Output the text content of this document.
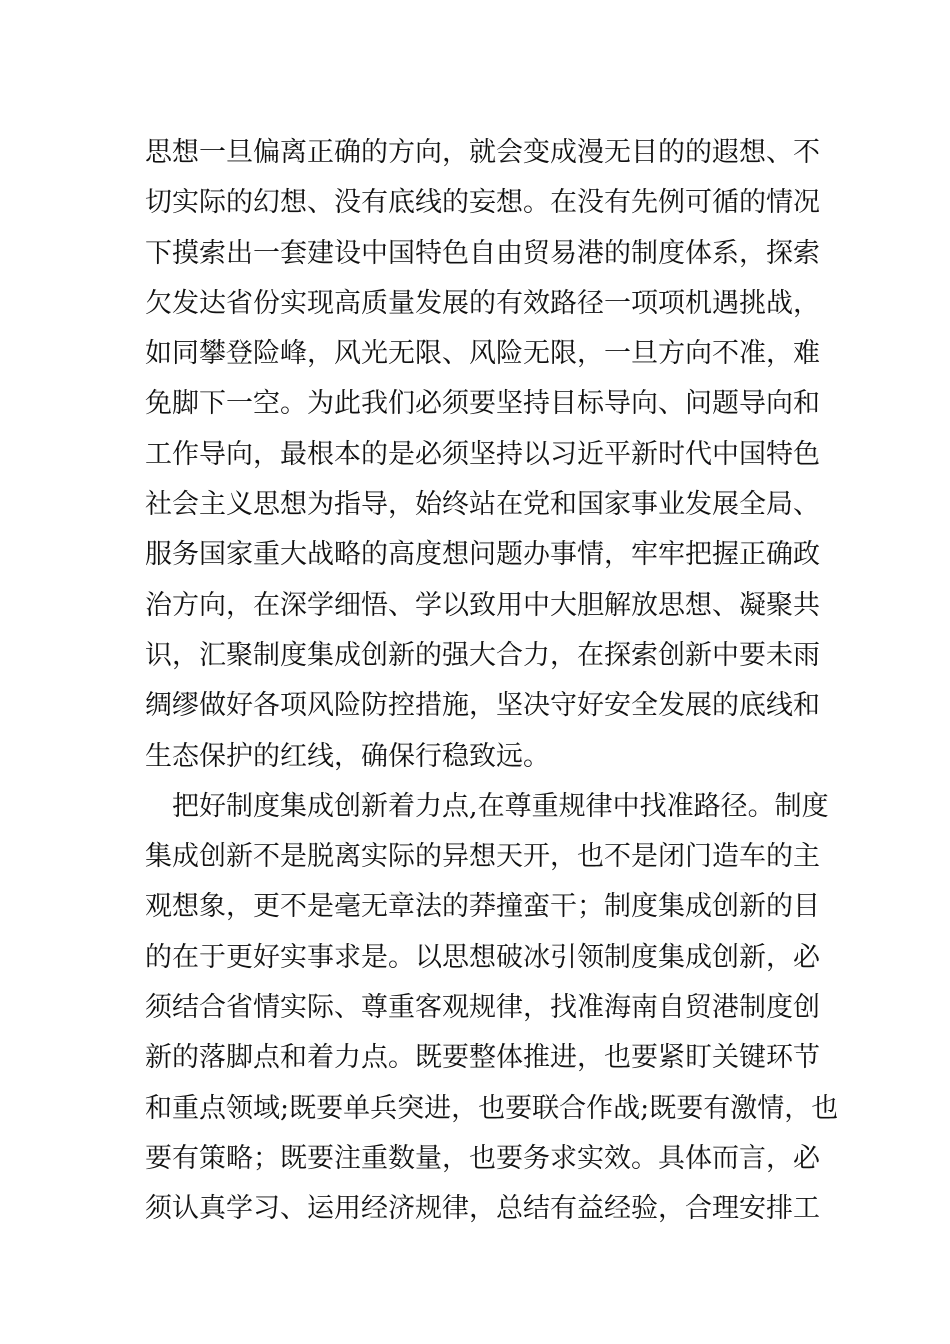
思想一旦偏离正确的方向，就会变成漫无目的的遐想、不
切实际的幻想、没有底线的妄想。在没有先例可循的情况
下摸索出一套建设中国特色自由贸易港的制度体系，探索
欠发达省份实现高质量发展的有效路径一项项机遇挑战，
如同攀登险峰，风光无限、风险无限，一旦方向不准，难
免脚下一空。为此我们必须要坚持目标导向、问题导向和
工作导向，最根本的是必须坚持以习近平新时代中国特色
社会主义思想为指导，始终站在党和国家事业发展全局、
服务国家重大战略的高度想问题办事情，牢牢把握正确政
治方向，在深学细悟、学以致用中大胆解放思想、凝聚共
识，汇聚制度集成创新的强大合力，在探索创新中要未雨
绸缪做好各项风险防控措施，坚决守好安全发展的底线和
生态保护的红线，确保行稳致远。
　把好制度集成创新着力点,在尊重规律中找准路径。制度
集成创新不是脱离实际的异想天开，也不是闭门造车的主
观想象，更不是毫无章法的莽撞蛮干；制度集成创新的目
的在于更好实事求是。以思想破冰引领制度集成创新，必
须结合省情实际、尊重客观规律，找准海南自贸港制度创
新的落脚点和着力点。既要整体推进，也要紧盯关键环节
和重点领域;既要单兵突进，也要联合作战;既要有激情，也
要有策略；既要注重数量，也要务求实效。具体而言，必
须认真学习、运用经济规律，总结有益经验，合理安排工
